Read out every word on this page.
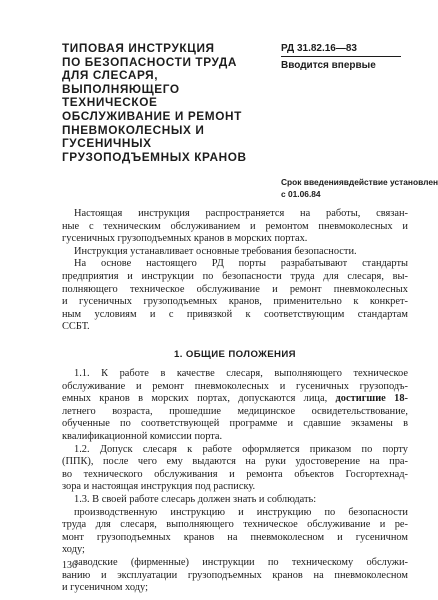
ТИПОВАЯ ИНСТРУКЦИЯ
ПО БЕЗОПАСНОСТИ ТРУДА
ДЛЯ СЛЕСАРЯ,
ВЫПОЛНЯЮЩЕГО
ТЕХНИЧЕСКОЕ
ОБСЛУЖИВАНИЕ И РЕМОНТ
ПНЕВМОКОЛЕСНЫХ И
ГУСЕНИЧНЫХ
ГРУЗОПОДЪЕМНЫХ КРАНОВ
РД 31.82.16—83
Вводится впервые
Срок введения в действие установлен
с 01.06.84
Настоящая инструкция распространяется на работы, связан-
ные с техническим обслуживанием и ремонтом пневмоколесных и
гусеничных грузоподъемных кранов в морских портах.
Инструкция устанавливает основные требования безопасности.
На основе настоящего РД порты разрабатывают стандарты
предприятия и инструкции по безопасности труда для слесаря, вы-
полняющего техническое обслуживание и ремонт пневмоколесных
и гусеничных грузоподъемных кранов, применительно к конкрет-
ным условиям и с привязкой к соответствующим стандартам
ССБТ.
1. ОБЩИЕ ПОЛОЖЕНИЯ
1.1. К работе в качестве слесаря, выполняющего техническое
обслуживание и ремонт пневмоколесных и гусеничных грузоподъ-
емных кранов в морских портах, допускаются лица, достигшие 18-
летнего возраста, прошедшие медицинское освидетельствование,
обученные по соответствующей программе и сдавшие экзамены в
квалификационной комиссии порта.
1.2. Допуск слесаря к работе оформляется приказом по порту
(ППК), после чего ему выдаются на руки удостоверение на пра-
во технического обслуживания и ремонта объектов Госгортехнад-
зора и настоящая инструкция под расписку.
1.3. В своей работе слесарь должен знать и соблюдать:
производственную инструкцию и инструкцию по безопасности
труда для слесаря, выполняющего техническое обслуживание и ре-
монт грузоподъемных кранов на пневмоколесном и гусеничном
ходу;
заводские (фирменные) инструкции по техническому обслужи-
ванию и эксплуатации грузоподъемных кранов на пневмоколесном
и гусеничном ходу;
136
